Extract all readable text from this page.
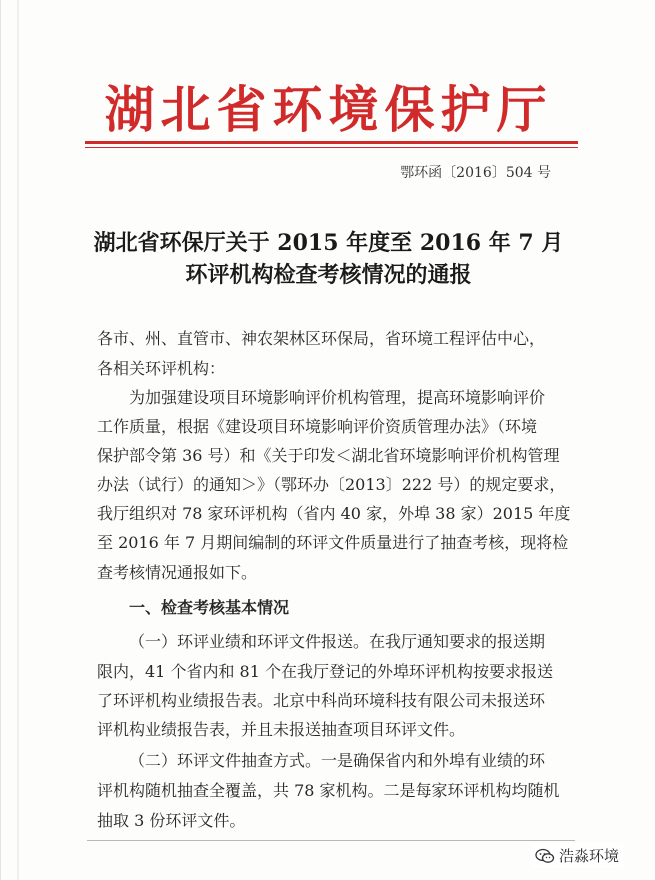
湖北省环境保护厅
鄂环函〔2016〕504 号
湖北省环保厅关于 2015 年度至 2016 年 7 月
环评机构检查考核情况的通报
各市、州、直管市、神农架林区环保局，省环境工程评估中心，
各相关环评机构：
为加强建设项目环境影响评价机构管理，提高环境影响评价
工作质量，根据《建设项目环境影响评价资质管理办法》（环境
保护部令第 36 号）和《关于印发＜湖北省环境影响评价机构管理
办法（试行）的通知＞》（鄂环办〔2013〕222 号）的规定要求，
我厅组织对 78 家环评机构（省内 40 家，外埠 38 家）2015 年度
至 2016 年 7 月期间编制的环评文件质量进行了抽查考核，现将检
查考核情况通报如下。
一、检查考核基本情况
（一）环评业绩和环评文件报送。在我厅通知要求的报送期
限内，41 个省内和 81 个在我厅登记的外埠环评机构按要求报送
了环评机构业绩报告表。北京中科尚环境科技有限公司未报送环
评机构业绩报告表，并且未报送抽查项目环评文件。
（二）环评文件抽查方式。一是确保省内和外埠有业绩的环
评机构随机抽查全覆盖，共 78 家机构。二是每家环评机构均随机
抽取 3 份环评文件。
浩淼环境
